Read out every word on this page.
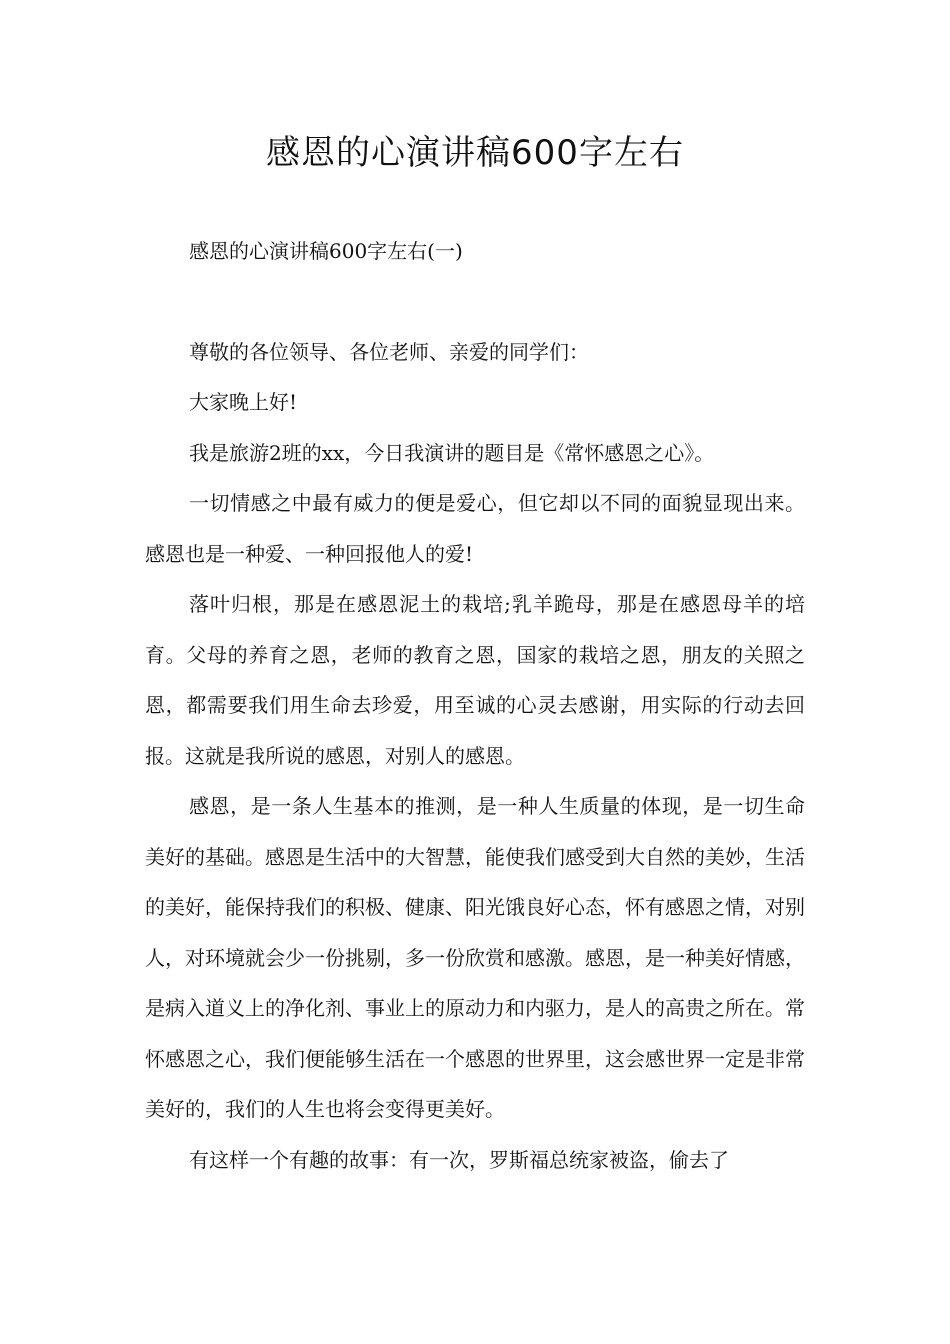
感恩的心演讲稿600字左右

感恩的心演讲稿600字左右(一)

尊敬的各位领导、各位老师、亲爱的同学们：

大家晚上好!

我是旅游2班的xx，今日我演讲的题目是《常怀感恩之心》。

一切情感之中最有威力的便是爱心，但它却以不同的面貌显现出来。感恩也是一种爱、一种回报他人的爱!

落叶归根，那是在感恩泥土的栽培;乳羊跪母，那是在感恩母羊的培育。父母的养育之恩，老师的教育之恩，国家的栽培之恩，朋友的关照之恩，都需要我们用生命去珍爱，用至诚的心灵去感谢，用实际的行动去回报。这就是我所说的感恩，对别人的感恩。

感恩，是一条人生基本的推测，是一种人生质量的体现，是一切生命美好的基础。感恩是生活中的大智慧，能使我们感受到大自然的美妙，生活的美好，能保持我们的积极、健康、阳光饿良好心态，怀有感恩之情，对别人，对环境就会少一份挑剔，多一份欣赏和感激。感恩，是一种美好情感，是病入道义上的净化剂、事业上的原动力和内驱力，是人的高贵之所在。常怀感恩之心，我们便能够生活在一个感恩的世界里，这会感世界一定是非常美好的，我们的人生也将会变得更美好。

有这样一个有趣的故事：有一次，罗斯福总统家被盗，偷去了
